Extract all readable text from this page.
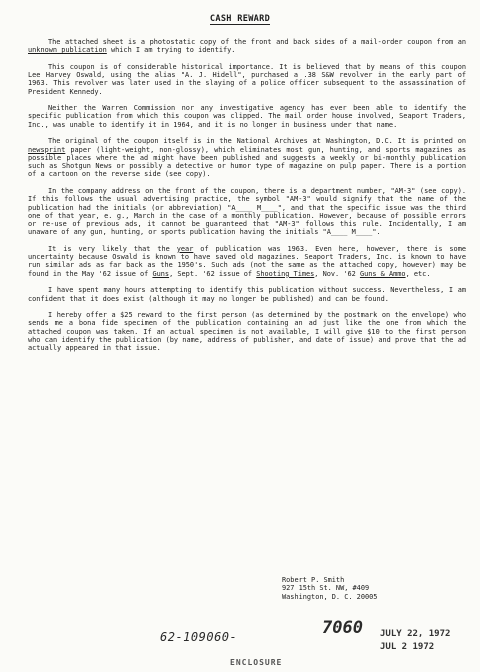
CASH REWARD

The attached sheet is a photostatic copy of the front and back sides of a mail-order coupon from an unknown publication which I am trying to identify.

This coupon is of considerable historical importance. It is believed that by means of this coupon Lee Harvey Oswald, using the alias "A. J. Hidell", purchased a .38 S&W revolver in the early part of 1963. This revolver was later used in the slaying of a police officer subsequent to the assassination of President Kennedy.

Neither the Warren Commission nor any investigative agency has ever been able to identify the specific publication from which this coupon was clipped. The mail order house involved, Seaport Traders, Inc., was unable to identify it in 1964, and it is no longer in business under that name.

The original of the coupon itself is in the National Archives at Washington, D.C. It is printed on newsprint paper (light-weight, non-glossy), which eliminates most gun, hunting, and sports magazines as possible places where the ad might have been published and suggests a weekly or bi-monthly publication such as Shotgun News or possibly a detective or humor type of magazine on pulp paper. There is a portion of a cartoon on the reverse side (see copy).

In the company address on the front of the coupon, there is a department number, "AM-3" (see copy). If this follows the usual advertising practice, the symbol "AM-3" would signify that the name of the publication had the initials (or abbreviation) "A____ M____", and that the specific issue was the third one of that year, e. g., March in the case of a monthly publication. However, because of possible errors or re-use of previous ads, it cannot be guaranteed that "AM-3" follows this rule. Incidentally, I am unaware of any gun, hunting, or sports publication having the initials "A____ M____".

It is very likely that the year of publication was 1963. Even here, however, there is some uncertainty because Oswald is known to have saved old magazines. Seaport Traders, Inc. is known to have run similar ads as far back as the 1950's. Such ads (not the same as the attached copy, however) may be found in the May '62 issue of Guns, Sept. '62 issue of Shooting Times, Nov. '62 Guns & Ammo, etc.

I have spent many hours attempting to identify this publication without success. Nevertheless, I am confident that it does exist (although it may no longer be published) and can be found.

I hereby offer a $25 reward to the first person (as determined by the postmark on the envelope) who sends me a bona fide specimen of the publication containing an ad just like the one from which the attached coupon was taken. If an actual specimen is not available, I will give $10 to the first person who can identify the publication (by name, address of publisher, and date of issue) and prove that the ad actually appeared in that issue.

Robert P. Smith
927 15th St. NW, #409
Washington, D. C. 20005
62-109060-	7060 JULY 22, 1972
JUL 2 1972
ENCLOSURE
